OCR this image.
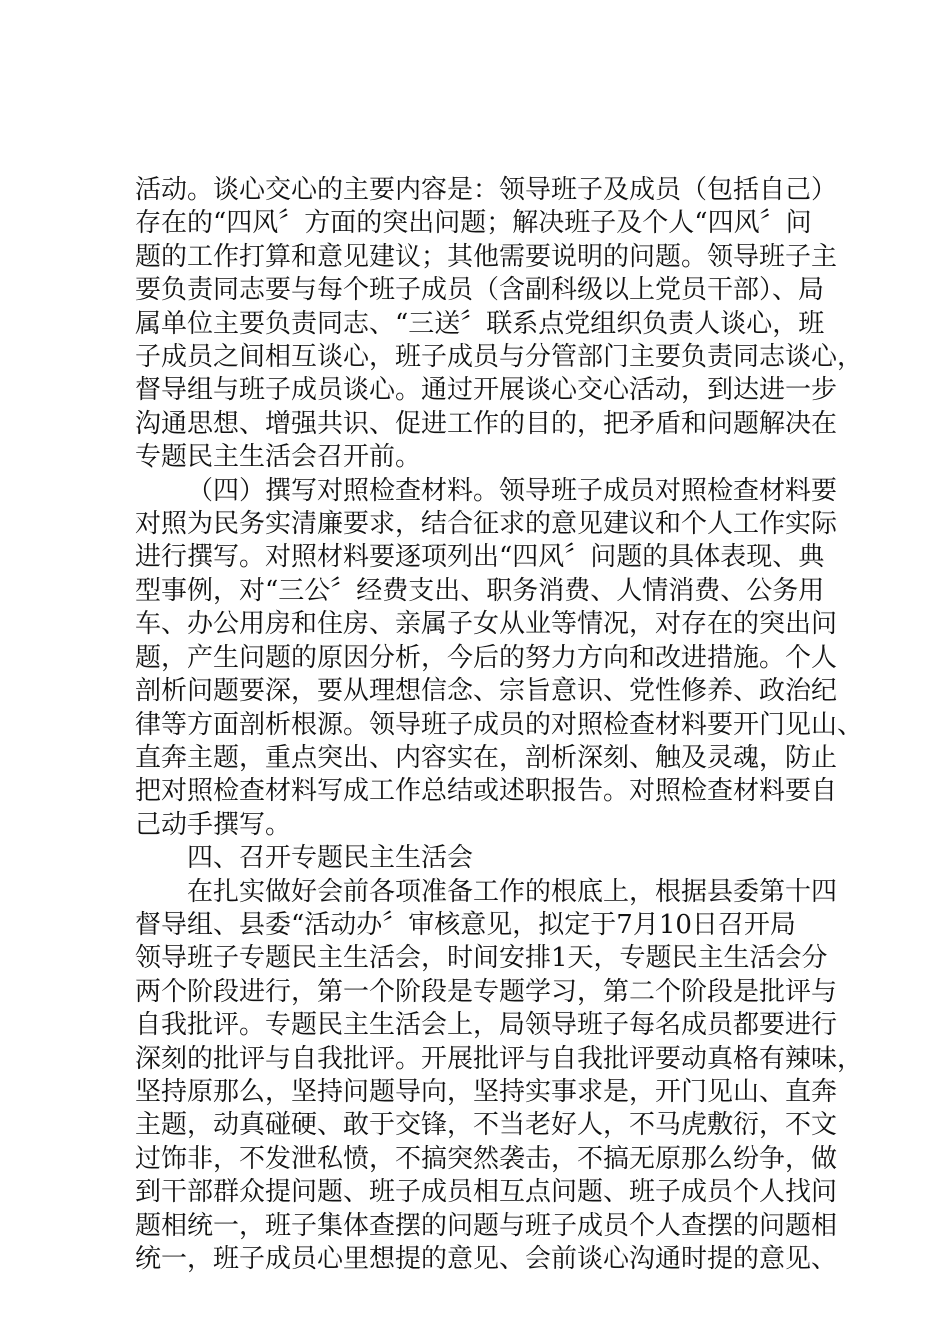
活动。谈心交心的主要内容是：领导班子及成员（包括自己）
存在的“四风〞方面的突出问题；解决班子及个人“四风〞问
题的工作打算和意见建议；其他需要说明的问题。领导班子主
要负责同志要与每个班子成员（含副科级以上党员干部）、局
属单位主要负责同志、“三送〞联系点党组织负责人谈心，班
子成员之间相互谈心，班子成员与分管部门主要负责同志谈心，
督导组与班子成员谈心。通过开展谈心交心活动，到达进一步
沟通思想、增强共识、促进工作的目的，把矛盾和问题解决在
专题民主生活会召开前。
（四）撰写对照检查材料。领导班子成员对照检查材料要
对照为民务实清廉要求，结合征求的意见建议和个人工作实际
进行撰写。对照材料要逐项列出“四风〞问题的具体表现、典
型事例，对“三公〞经费支出、职务消费、人情消费、公务用
车、办公用房和住房、亲属子女从业等情况，对存在的突出问
题，产生问题的原因分析，今后的努力方向和改进措施。个人
剖析问题要深，要从理想信念、宗旨意识、党性修养、政治纪
律等方面剖析根源。领导班子成员的对照检查材料要开门见山、
直奔主题，重点突出、内容实在，剖析深刻、触及灵魂，防止
把对照检查材料写成工作总结或述职报告。对照检查材料要自
己动手撰写。
四、召开专题民主生活会
在扎实做好会前各项准备工作的根底上，根据县委第十四
督导组、县委“活动办〞审核意见，拟定于7月10日召开局
领导班子专题民主生活会，时间安排1天，专题民主生活会分
两个阶段进行，第一个阶段是专题学习，第二个阶段是批评与
自我批评。专题民主生活会上，局领导班子每名成员都要进行
深刻的批评与自我批评。开展批评与自我批评要动真格有辣味，
坚持原那么，坚持问题导向，坚持实事求是，开门见山、直奔
主题，动真碰硬、敢于交锋，不当老好人，不马虎敷衍，不文
过饰非，不发泄私愤，不搞突然袭击，不搞无原那么纷争，做
到干部群众提问题、班子成员相互点问题、班子成员个人找问
题相统一，班子集体查摆的问题与班子成员个人查摆的问题相
统一，班子成员心里想提的意见、会前谈心沟通时提的意见、
